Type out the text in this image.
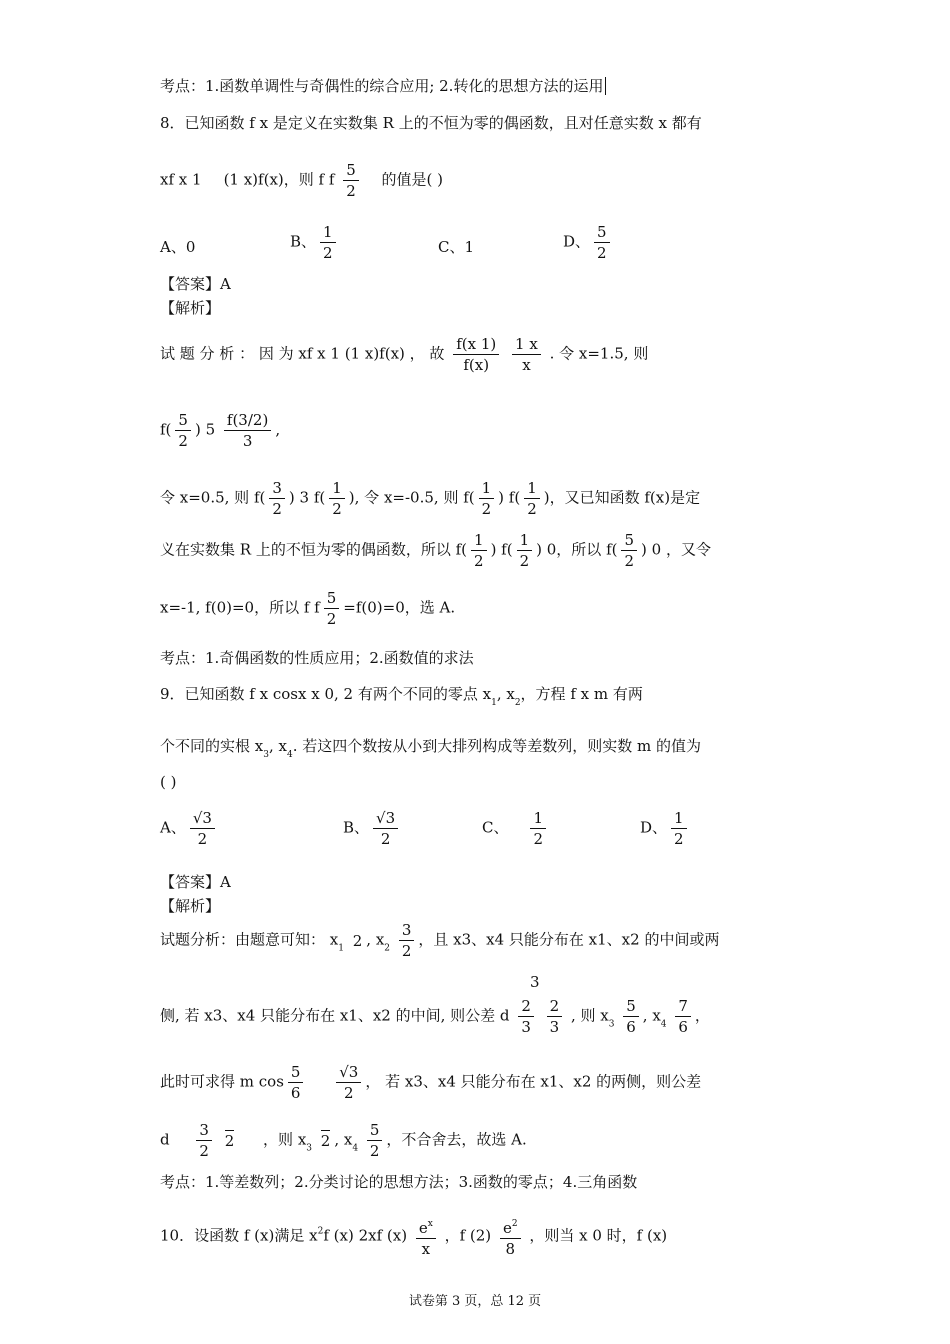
考点：1.函数单调性与奇偶性的综合应用; 2.转化的思想方法的运用
8．已知函数 f x 是定义在实数集 R 上的不恒为零的偶函数，且对任意实数 x 都有
xf x 1 (1 x)f(x)，则 f f $\frac{5}{2}$ 的值是( )
A、0	B、 $\frac{1}{2}$	C、1	D、 $\frac{5}{2}$
【答案】A
【解析】
试 题 分 析 ： 因 为 xf x 1 (1 x)f(x) ， 故 $\frac{f(x 1)}{f(x)}$
$\frac{1 x}{x}$ . 令 x=1.5, 则
$f( \frac{5}{2}$ ) $5 \frac{f(3/2)}{3}$ ,
令 x=0.5, 则 $f( \frac{3}{2}$ ) 3 $f( \frac{1}{2}$ ), 令 x=-0.5, 则 $f( \frac{1}{2}$ ) $f( \frac{1}{2}$ )，又已知函数 f(x)是定
义在实数集 R 上的不恒为零的偶函数，所以 $f( \frac{1}{2}$ ) $f( \frac{1}{2}$ ) 0，所以 $f( \frac{5}{2}$ ) 0 ，又令
x=-1, f(0)=0，所以 f f $\frac{5}{2} =f(0)=0$，选 A.
考点：1.奇偶函数的性质应用；2.函数值的求法
9．已知函数 f x cosx x 0, 2 有两个不同的零点 $x_1$, $x_2$，方程 f x m 有两
个不同的实根 $x_3$, $x_4$. 若这四个数按从小到大排列构成等差数列，则实数 m 的值为
( )
A、 $\frac{√3}{2}$	B、 $\frac{√3}{2}$	C、 $\frac{1}{2}$	D、 $\frac{1}{2}$
【答案】A
【解析】
试题分析：由题意可知： $x_1$ 2 , $x_2 \frac{3}{2}$ ，且 x3、x4 只能分布在 x1、x2 的中间或两
3
侧, 若 x3、x4 只能分布在 x1、x2 的中间, 则公差 d $\frac{2}{3}$
$\frac{2}{3}$ , 则 $x_3 \frac{5}{6}$ , $x_4 \frac{7}{6}$ ，
此时可求得 m $\cos \frac{5}{6}$
$\frac{√3}{2}$ ， 若 x3、x4 只能分布在 x1、x2 的两侧，则公差
d $\frac{3}{2}$
2 ，则 $x_3$ 2 , $x_4 \frac{5}{2}$ ，不合舍去，故选 A.
考点：1.等差数列；2.分类讨论的思想方法；3.函数的零点；4.三角函数
10．设函数 f (x)满足 $x^2f$ (x) 2xf $(x) \frac{e^x}{x}$ ，f $(2) \frac{e^2}{8}$ ，则当 x 0 时，f (x)
试卷第 3 页，总 12 页
